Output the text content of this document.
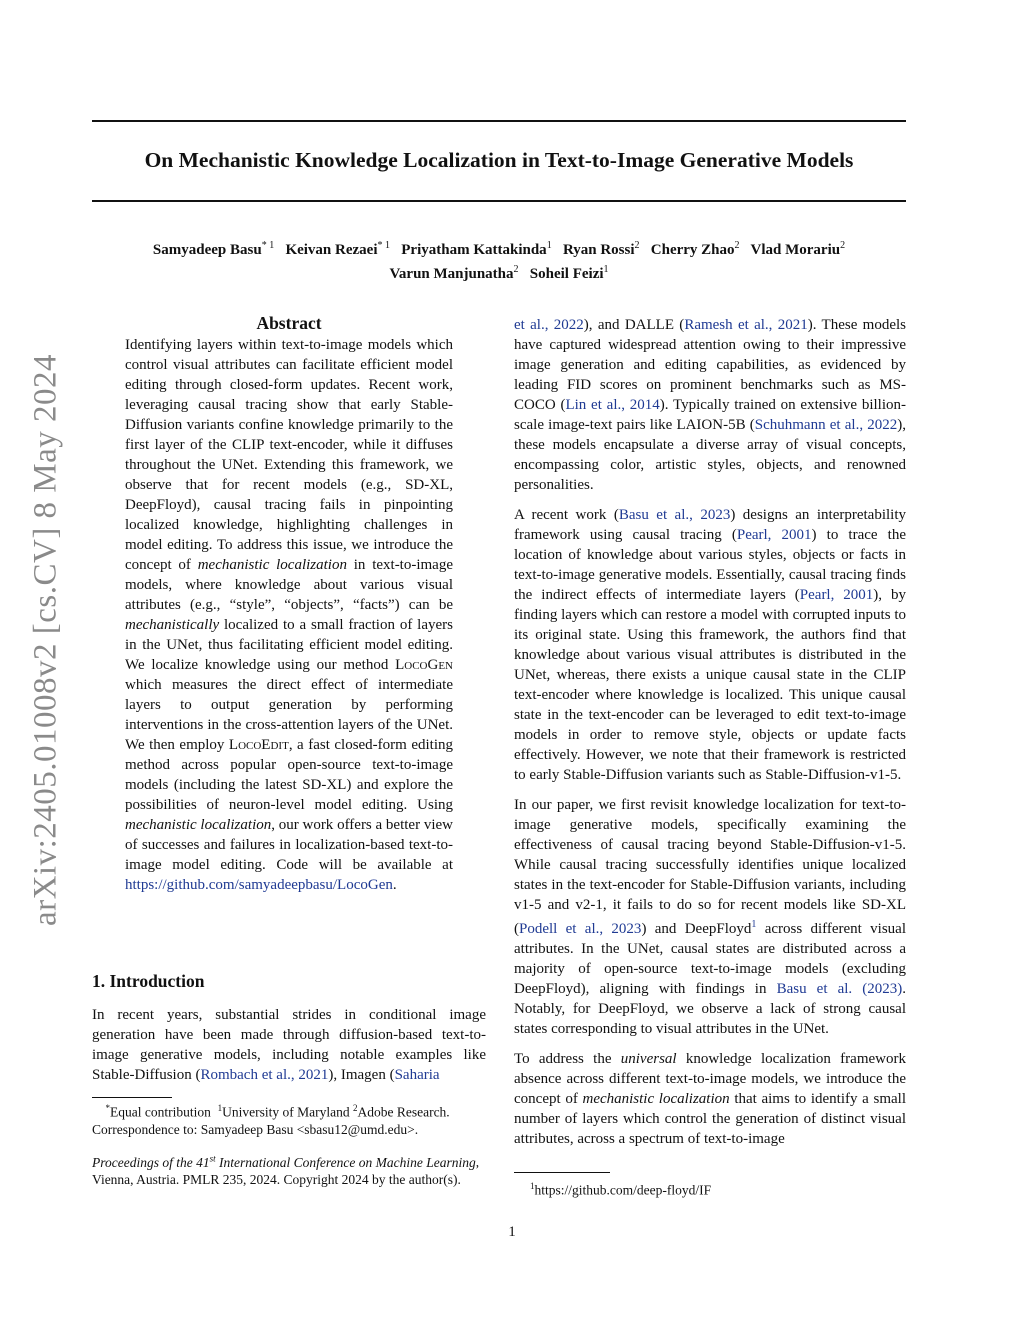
On Mechanistic Knowledge Localization in Text-to-Image Generative Models
Samyadeep Basu$^{* 1}$ Keivan Rezaei$^{* 1}$ Priyatham Kattakinda$^1$ Ryan Rossi$^2$ Cherry Zhao$^2$ Vlad Morariu$^2$
Varun Manjunatha$^2$ Soheil Feizi$^1$
arXiv:2405.01008v2 [cs.CV] 8 May 2024
Abstract
Identifying layers within text-to-image models which control visual attributes can facilitate efficient model editing through closed-form updates. Recent work, leveraging causal tracing show that early Stable-Diffusion variants confine knowledge primarily to the first layer of the CLIP text-encoder, while it diffuses throughout the UNet. Extending this framework, we observe that for recent models (e.g., SD-XL, DeepFloyd), causal tracing fails in pinpointing localized knowledge, highlighting challenges in model editing. To address this issue, we introduce the concept of mechanistic localization in text-to-image models, where knowledge about various visual attributes (e.g., “style”, “objects”, “facts”) can be mechanistically localized to a small fraction of layers in the UNet, thus facilitating efficient model editing. We localize knowledge using our method LocoGen which measures the direct effect of intermediate layers to output generation by performing interventions in the cross-attention layers of the UNet. We then employ LocoEdit, a fast closed-form editing method across popular open-source text-to-image models (including the latest SD-XL) and explore the possibilities of neuron-level model editing. Using mechanistic localization, our work offers a better view of successes and failures in localization-based text-to-image model editing. Code will be available at https://github.com/samyadeepbasu/LocoGen.
1. Introduction
In recent years, substantial strides in conditional image generation have been made through diffusion-based text-to-image generative models, including notable examples like Stable-Diffusion (Rombach et al., 2021), Imagen (Saharia
*Equal contribution $^1$University of Maryland $^2$Adobe Research.
Correspondence to: Samyadeep Basu <sbasu12@umd.edu>.
Proceedings of the 41st International Conference on Machine Learning, Vienna, Austria. PMLR 235, 2024. Copyright 2024 by the author(s).

et al., 2022), and DALLE (Ramesh et al., 2021). These models have captured widespread attention owing to their impressive image generation and editing capabilities, as evidenced by leading FID scores on prominent benchmarks such as MS-COCO (Lin et al., 2014). Typically trained on extensive billion-scale image-text pairs like LAION-5B (Schuhmann et al., 2022), these models encapsulate a diverse array of visual concepts, encompassing color, artistic styles, objects, and renowned personalities.

A recent work (Basu et al., 2023) designs an interpretability framework using causal tracing (Pearl, 2001) to trace the location of knowledge about various styles, objects or facts in text-to-image generative models. Essentially, causal tracing finds the indirect effects of intermediate layers (Pearl, 2001), by finding layers which can restore a model with corrupted inputs to its original state. Using this framework, the authors find that knowledge about various visual attributes is distributed in the UNet, whereas, there exists a unique causal state in the CLIP text-encoder where knowledge is localized. This unique causal state in the text-encoder can be leveraged to edit text-to-image models in order to remove style, objects or update facts effectively. However, we note that their framework is restricted to early Stable-Diffusion variants such as Stable-Diffusion-v1-5.

In our paper, we first revisit knowledge localization for text-to-image generative models, specifically examining the effectiveness of causal tracing beyond Stable-Diffusion-v1-5. While causal tracing successfully identifies unique localized states in the text-encoder for Stable-Diffusion variants, including v1-5 and v2-1, it fails to do so for recent models like SD-XL (Podell et al., 2023) and DeepFloyd$^1$ across different visual attributes. In the UNet, causal states are distributed across a majority of open-source text-to-image models (excluding DeepFloyd), aligning with findings in Basu et al. (2023). Notably, for DeepFloyd, we observe a lack of strong causal states corresponding to visual attributes in the UNet.

To address the universal knowledge localization framework absence across different text-to-image models, we introduce the concept of mechanistic localization that aims to identify a small number of layers which control the generation of distinct visual attributes, across a spectrum of text-to-image

$^1$https://github.com/deep-floyd/IF
1
